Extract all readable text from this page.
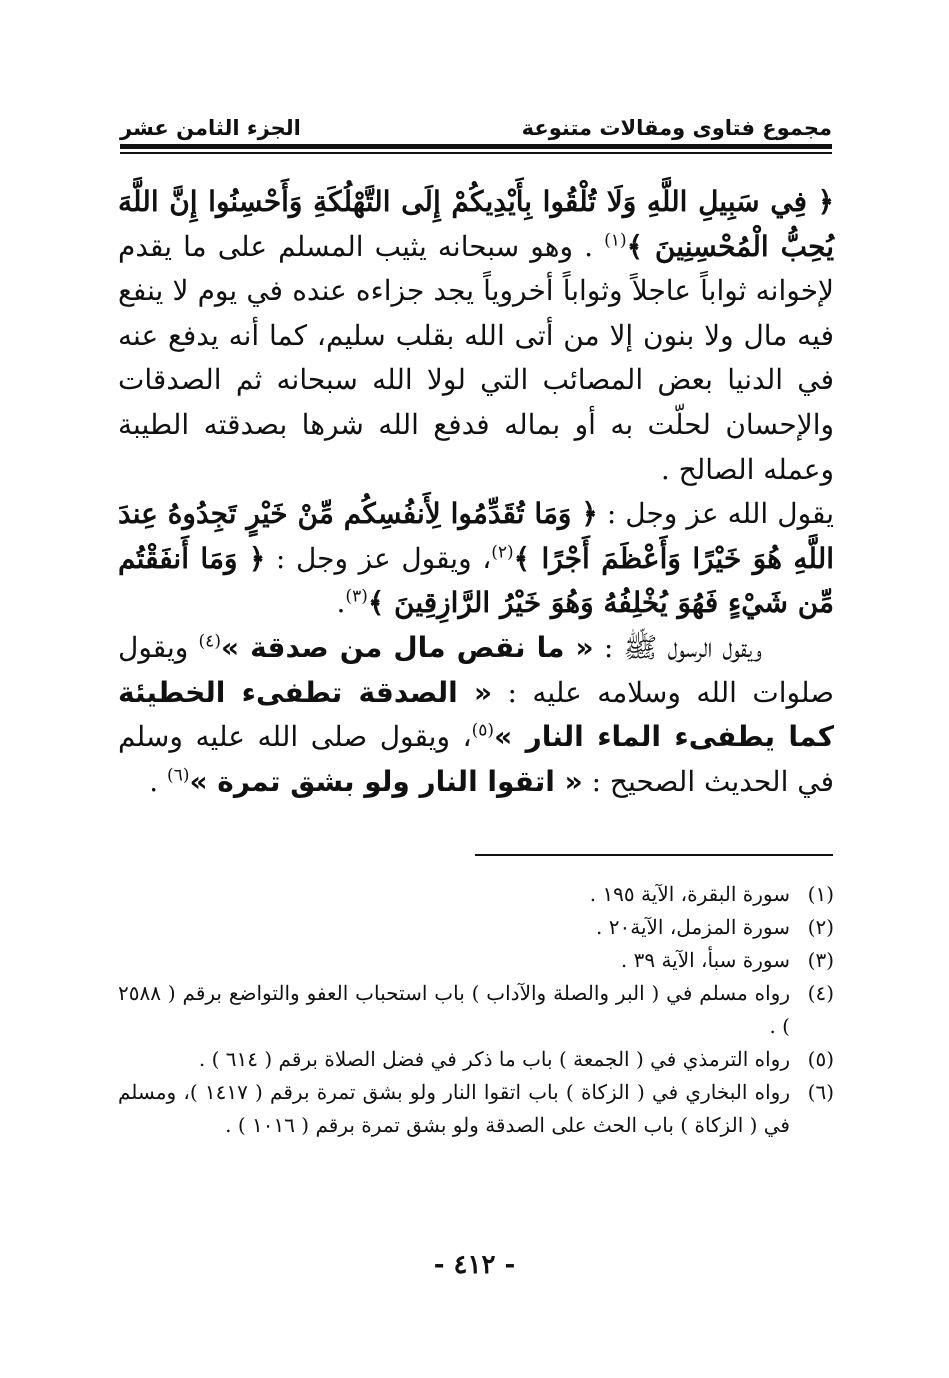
مجموع فتاوى ومقالات متنوعة
الجزء الثامن عشر

﴿ فِي سَبِيلِ اللَّهِ وَلَا تُلْقُوا بِأَيْدِيكُمْ إِلَى التَّهْلُكَةِ وَأَحْسِنُوا إِنَّ اللَّهَ يُحِبُّ الْمُحْسِنِينَ ﴾$^{(١)}$ . وهو سبحانه يثيب المسلم على ما يقدم لإخوانه ثواباً عاجلاً وثواباً أخروياً يجد جزاءه عنده في يوم لا ينفع فيه مال ولا بنون إلا من أتى الله بقلب سليم، كما أنه يدفع عنه في الدنيا بعض المصائب التي لولا الله سبحانه ثم الصدقات والإحسان لحلّت به أو بماله فدفع الله شرها بصدقته الطيبة وعمله الصالح .

يقول الله عز وجل : ﴿ وَمَا تُقَدِّمُوا لِأَنفُسِكُم مِّنْ خَيْرٍ تَجِدُوهُ عِندَ اللَّهِ هُوَ خَيْرًا وَأَعْظَمَ أَجْرًا ﴾$^{(٢)}$، ويقول عز وجل : ﴿ وَمَا أَنفَقْتُم مِّن شَيْءٍ فَهُوَ يُخْلِفُهُ وَهُوَ خَيْرُ الرَّازِقِينَ ﴾$^{(٣)}$.

ويقول الرسول ﷺ : « ما نقص مال من صدقة »$^{(٤)}$ ويقول صلوات الله وسلامه عليه : « الصدقة تطفىء الخطيئة كما يطفىء الماء النار »$^{(٥)}$، ويقول صلى الله عليه وسلم في الحديث الصحيح : « اتقوا النار ولو بشق تمرة »$^{(٦)}$ .

(١)
سورة البقرة، الآية ١٩٥ .
(٢)
سورة المزمل، الآية٢٠ .
(٣)
سورة سبأ، الآية ٣٩ .
(٤)
رواه مسلم في ( البر والصلة والآداب ) باب استحباب العفو والتواضع برقم ( ٢٥٨٨ ) .
(٥)
رواه الترمذي في ( الجمعة ) باب ما ذكر في فضل الصلاة برقم ( ٦١٤ ) .
(٦)
رواه البخاري في ( الزكاة ) باب اتقوا النار ولو بشق تمرة برقم ( ١٤١٧ )، ومسلم في ( الزكاة ) باب الحث على الصدقة ولو بشق تمرة برقم ( ١٠١٦ ) .
- ٤١٢ -
